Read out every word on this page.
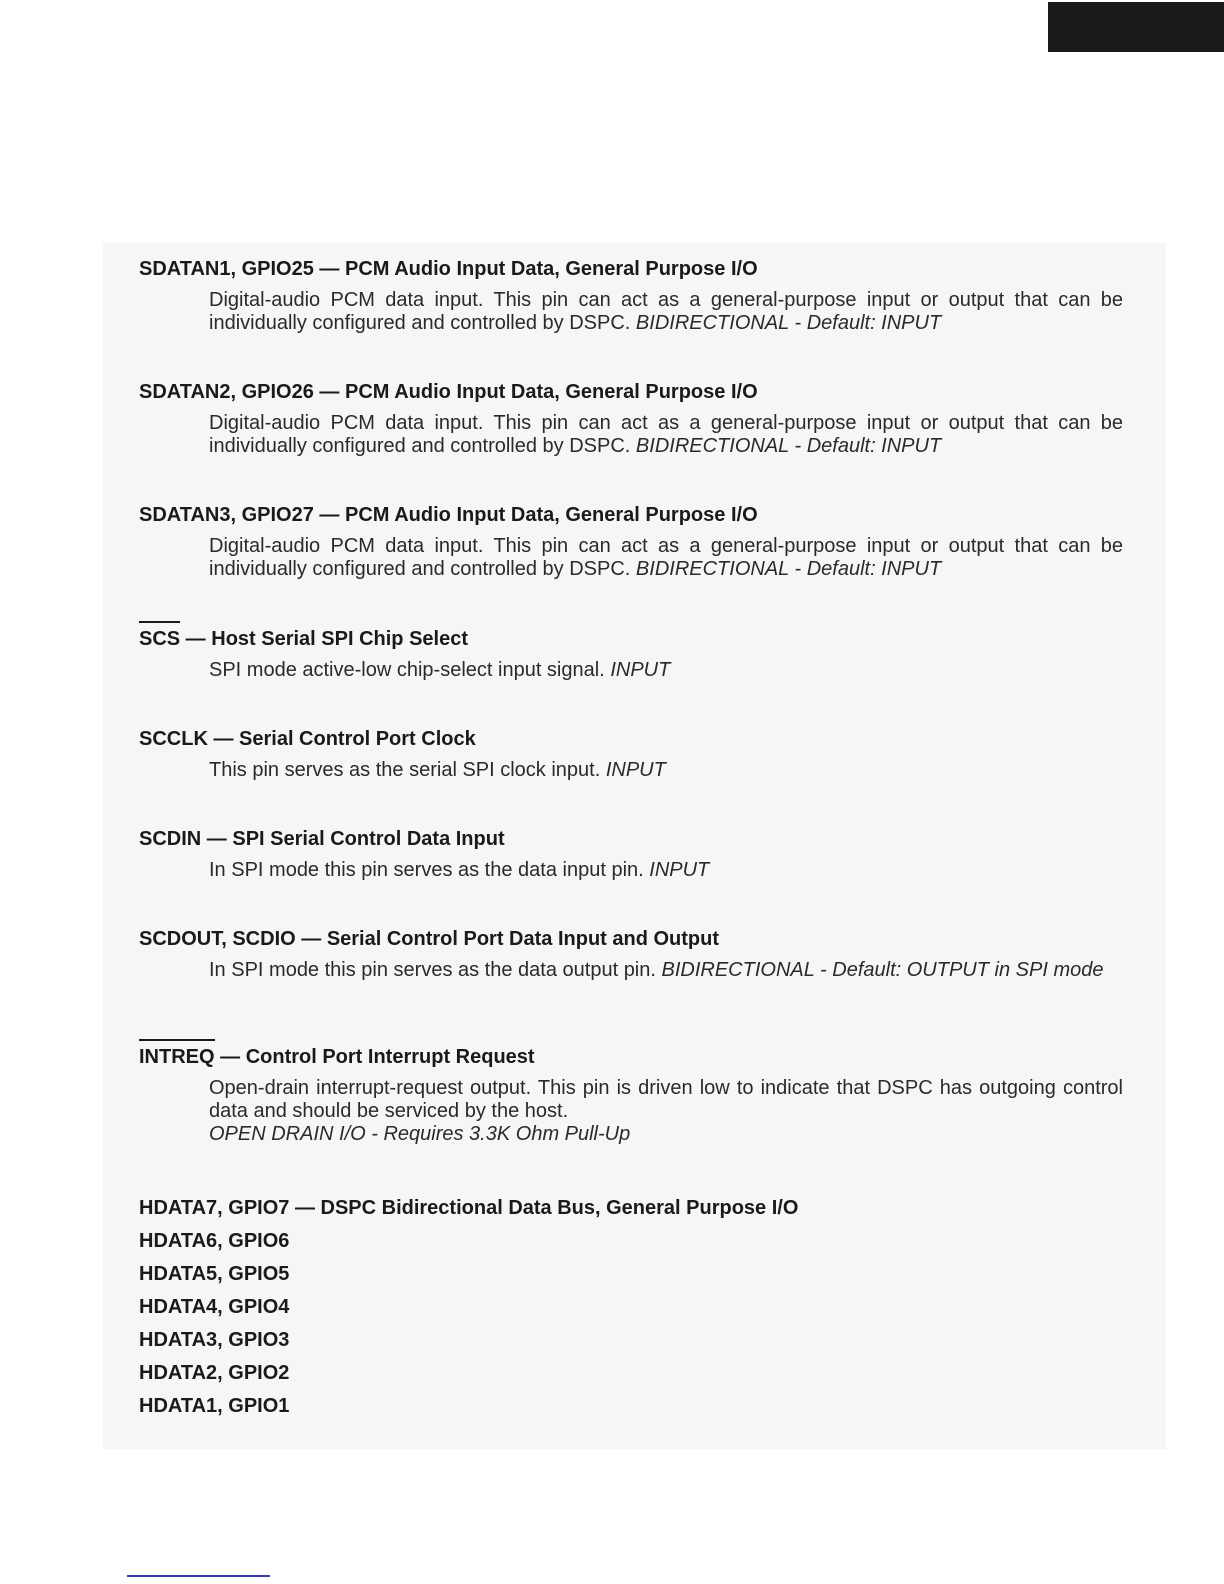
SDATAN1, GPIO25 — PCM Audio Input Data, General Purpose I/O
Digital-audio PCM data input. This pin can act as a general-purpose input or output that can be individually configured and controlled by DSPC. BIDIRECTIONAL - Default: INPUT
SDATAN2, GPIO26 — PCM Audio Input Data, General Purpose I/O
Digital-audio PCM data input. This pin can act as a general-purpose input or output that can be individually configured and controlled by DSPC. BIDIRECTIONAL - Default: INPUT
SDATAN3, GPIO27 — PCM Audio Input Data, General Purpose I/O
Digital-audio PCM data input. This pin can act as a general-purpose input or output that can be individually configured and controlled by DSPC. BIDIRECTIONAL - Default: INPUT
SCS — Host Serial SPI Chip Select
SPI mode active-low chip-select input signal. INPUT
SCCLK — Serial Control Port Clock
This pin serves as the serial SPI clock input. INPUT
SCDIN — SPI Serial Control Data Input
In SPI mode this pin serves as the data input pin. INPUT
SCDOUT, SCDIO — Serial Control Port Data Input and Output
In SPI mode this pin serves as the data output pin. BIDIRECTIONAL - Default: OUTPUT in SPI mode
INTREQ — Control Port Interrupt Request
Open-drain interrupt-request output. This pin is driven low to indicate that DSPC has outgoing control data and should be serviced by the host.
OPEN DRAIN I/O - Requires 3.3K Ohm Pull-Up
HDATA7, GPIO7 — DSPC Bidirectional Data Bus, General Purpose I/O
HDATA6, GPIO6
HDATA5, GPIO5
HDATA4, GPIO4
HDATA3, GPIO3
HDATA2, GPIO2
HDATA1, GPIO1
